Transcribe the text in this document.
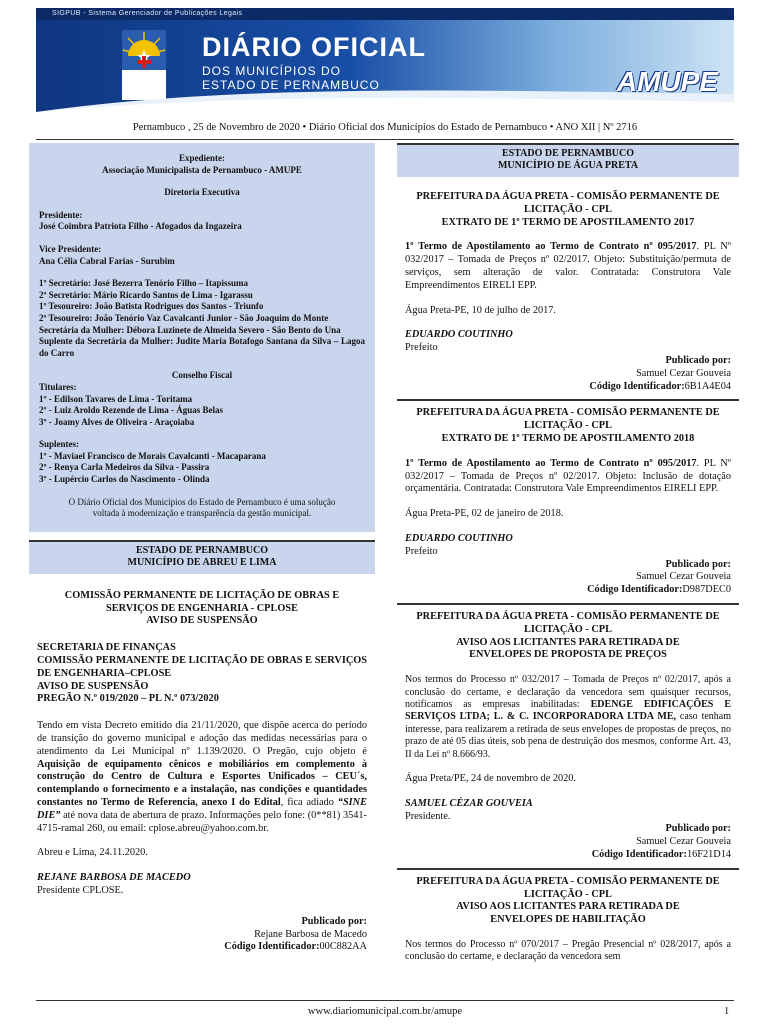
SIGPUB - Sistema Gerenciador de Publicações Legais
DIÁRIO OFICIAL
DOS MUNICÍPIOS DO
ESTADO DE PERNAMBUCO	AMUPE
Pernambuco , 25 de Novembro de 2020 • Diário Oficial dos Municípios do Estado de Pernambuco • ANO XII | Nº 2716
Expediente:
Associação Municipalista de Pernambuco - AMUPE
Diretoria Executiva
Presidente:
José Coimbra Patriota Filho - Afogados da Ingazeira
Vice Presidente:
Ana Célia Cabral Farias - Surubim
1º Secretário: José Bezerra Tenório Filho – Itapissuma
2º Secretário: Mário Ricardo Santos de Lima - Igarassu
1º Tesoureiro: João Batista Rodrigues dos Santos - Triunfo
2º Tesoureiro: João Tenório Vaz Cavalcanti Junior - São Joaquim do Monte
Secretária da Mulher: Débora Luzinete de Almeida Severo - São Bento do Una
Suplente da Secretária da Mulher: Judite Maria Botafogo Santana da Silva – Lagoa do Carro
Conselho Fiscal
Titulares:
1º - Edilson Tavares de Lima - Toritama
2º - Luiz Aroldo Rezende de Lima - Águas Belas
3º - Joamy Alves de Oliveira - Araçoiaba
Suplentes:
1º - Maviael Francisco de Morais Cavalcanti - Macaparana
2º - Renya Carla Medeiros da Silva - Passira
3º - Lupércio Carlos do Nascimento - Olinda
O Diário Oficial dos Municípios do Estado de Pernambuco é uma solução voltada à modernização e transparência da gestão municipal.
ESTADO DE PERNAMBUCO
MUNICÍPIO DE ABREU E LIMA

COMISSÃO PERMANENTE DE LICITAÇÃO DE OBRAS E SERVIÇOS DE ENGENHARIA - CPLOSE

AVISO DE SUSPENSÃO

SECRETARIA DE FINANÇAS

COMISSÃO PERMANENTE DE LICITAÇÃO DE OBRAS E SERVIÇOS DE ENGENHARIA–CPLOSE

AVISO DE SUSPENSÃO

PREGÃO N.º 019/2020 – PL N.º 073/2020

Tendo em vista Decreto emitido dia 21/11/2020, que dispõe acerca do período de transição do governo municipal e adoção das medidas necessárias para o atendimento da Lei Municipal nº 1.139/2020. O Pregão, cujo objeto é Aquisição de equipamento cênicos e mobiliários em complemento à construção do Centro de Cultura e Esportes Unificados – CEU´s, contemplando o fornecimento e a instalação, nas condições e quantidades constantes no Termo de Referencia, anexo I do Edital, fica adiado “SINE DIE” até nova data de abertura de prazo. Informações pelo fone: (0**81) 3541-4715-ramal 260, ou email: cplose.abreu@yahoo.com.br.

Abreu e Lima, 24.11.2020.

REJANE BARBOSA DE MACEDO

Presidente CPLOSE.

Publicado por:

Rejane Barbosa de Macedo

Código Identificador:00C882AA

ESTADO DE PERNAMBUCO
MUNICÍPIO DE ÁGUA PRETA

PREFEITURA DA ÁGUA PRETA - COMISÃO PERMANENTE DE LICITAÇÃO - CPL

EXTRATO DE 1º TERMO DE APOSTILAMENTO 2017

1º Termo de Apostilamento ao Termo de Contrato nº 095/2017. PL Nº 032/2017 – Tomada de Preços nº 02/2017. Objeto: Substituição/permuta de serviços, sem alteração de valor. Contratada: Construtora Vale Empreendimentos EIRELI EPP.

Água Preta-PE, 10 de julho de 2017.

EDUARDO COUTINHO

Prefeito

Publicado por:

Samuel Cezar Gouveia

Código Identificador:6B1A4E04

PREFEITURA DA ÁGUA PRETA - COMISÃO PERMANENTE DE LICITAÇÃO - CPL

EXTRATO DE 1º TERMO DE APOSTILAMENTO 2018

1º Termo de Apostilamento ao Termo de Contrato nº 095/2017. PL Nº 032/2017 – Tomada de Preços nº 02/2017. Objeto: Inclusão de dotação orçamentária. Contratada: Construtora Vale Empreendimentos EIRELI EPP.

Água Preta-PE, 02 de janeiro de 2018.

EDUARDO COUTINHO

Prefeito

Publicado por:

Samuel Cezar Gouveia

Código Identificador:D987DEC0

PREFEITURA DA ÁGUA PRETA - COMISÃO PERMANENTE DE LICITAÇÃO - CPL

AVISO AOS LICITANTES PARA RETIRADA DE ENVELOPES DE PROPOSTA DE PREÇOS

Nos termos do Processo nº 032/2017 – Tomada de Preços nº 02/2017, após a conclusão do certame, e declaração da vencedora sem quaisquer recursos, notificamos as empresas inabilitadas: EDENGE EDIFICAÇÕES E SERVIÇOS LTDA; L. & C. INCORPORADORA LTDA ME, caso tenham interesse, para realizarem a retirada de seus envelopes de propostas de preços, no prazo de até 05 dias úteis, sob pena de destruição dos mesmos, conforme Art. 43, II da Lei nº 8.666/93.

Água Preta/PE, 24 de novembro de 2020.

SAMUEL CÉZAR GOUVEIA

Presidente.

Publicado por:

Samuel Cezar Gouveia

Código Identificador:16F21D14

PREFEITURA DA ÁGUA PRETA - COMISÃO PERMANENTE DE LICITAÇÃO - CPL

AVISO AOS LICITANTES PARA RETIRADA DE ENVELOPES DE HABILITAÇÃO

Nos termos do Processo nº 070/2017 – Pregão Presencial nº 028/2017, após a conclusão do certame, e declaração da vencedora sem

www.diariomunicipal.com.br/amupe	1
